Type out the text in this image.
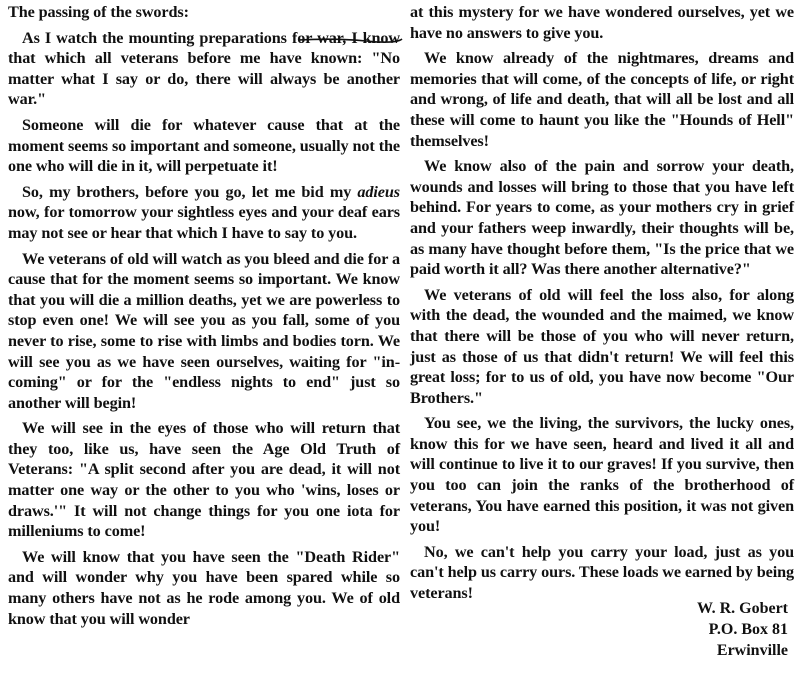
The passing of the swords:

As I watch the mounting preparations for war, I know that which all veterans before me have known: "No matter what I say or do, there will always be another war."

Someone will die for whatever cause that at the moment seems so important and someone, usually not the one who will die in it, will perpetuate it!

So, my brothers, before you go, let me bid my adieus now, for tomorrow your sightless eyes and your deaf ears may not see or hear that which I have to say to you.

We veterans of old will watch as you bleed and die for a cause that for the moment seems so important. We know that you will die a million deaths, yet we are powerless to stop even one! We will see you as you fall, some of you never to rise, some to rise with limbs and bodies torn. We will see you as we have seen ourselves, waiting for "in-coming" or for the "endless nights to end" just so another will begin!

We will see in the eyes of those who will return that they too, like us, have seen the Age Old Truth of Veterans: "A split second after you are dead, it will not matter one way or the other to you who 'wins, loses or draws.'" It will not change things for you one iota for milleniums to come!

We will know that you have seen the "Death Rider" and will wonder why you have been spared while so many others have not as he rode among you. We of old know that you will wonder

at this mystery for we have wondered ourselves, yet we have no answers to give you.

We know already of the nightmares, dreams and memories that will come, of the concepts of life, or right and wrong, of life and death, that will all be lost and all these will come to haunt you like the "Hounds of Hell" themselves!

We know also of the pain and sorrow your death, wounds and losses will bring to those that you have left behind. For years to come, as your mothers cry in grief and your fathers weep inwardly, their thoughts will be, as many have thought before them, "Is the price that we paid worth it all? Was there another alternative?"

We veterans of old will feel the loss also, for along with the dead, the wounded and the maimed, we know that there will be those of you who will never return, just as those of us that didn't return! We will feel this great loss; for to us of old, you have now become "Our Brothers."

You see, we the living, the survivors, the lucky ones, know this for we have seen, heard and lived it all and will continue to live it to our graves! If you survive, then you too can join the ranks of the brotherhood of veterans, You have earned this position, it was not given you!

No, we can't help you carry your load, just as you can't help us carry ours. These loads we earned by being veterans!

W. R. Gobert
P.O. Box 81
Erwinville
